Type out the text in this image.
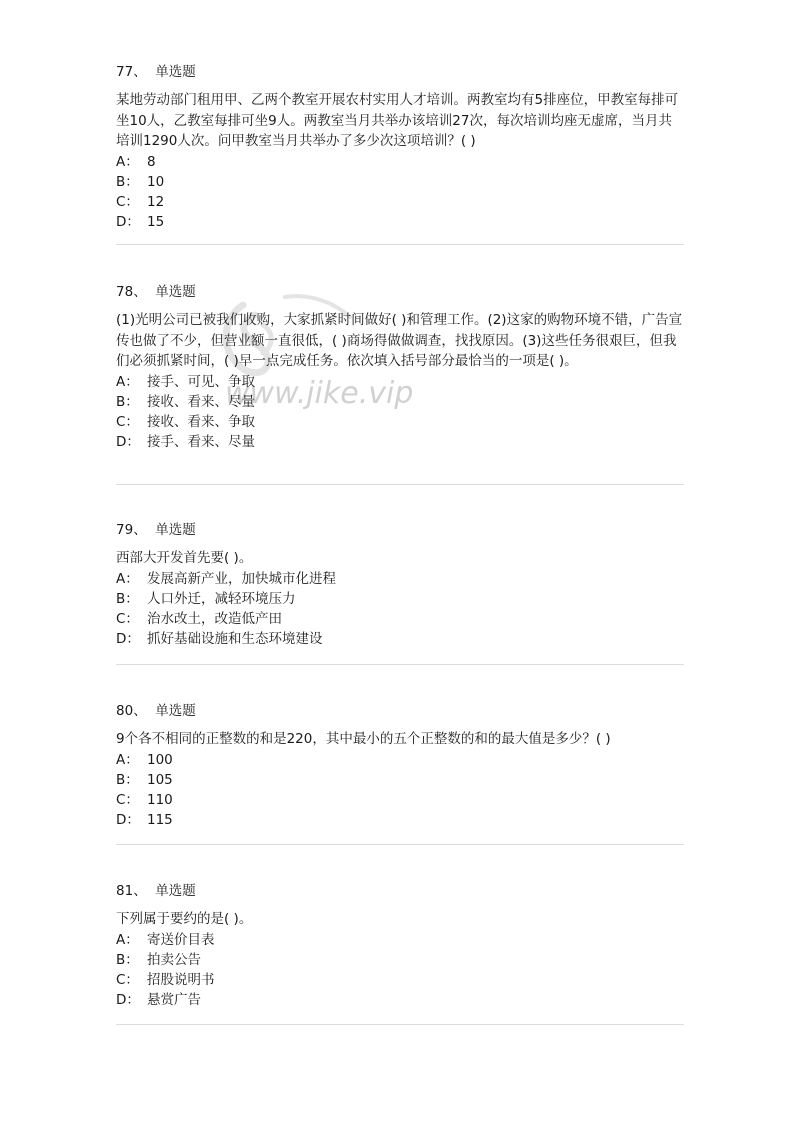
www.jike.vip
77、  单选题
某地劳动部门租用甲、乙两个教室开展农村实用人才培训。两教室均有5排座位，甲教室每排可坐10人，乙教室每排可坐9人。两教室当月共举办该培训27次，每次培训均座无虚席，当月共培训1290人次。问甲教室当月共举办了多少次这项培训？( )
A： 8
B： 10
C： 12
D： 15
78、  单选题
(1)光明公司已被我们收购，大家抓紧时间做好( )和管理工作。(2)这家的购物环境不错，广告宣传也做了不少，但营业额一直很低，( )商场得做做调查，找找原因。(3)这些任务很艰巨，但我们必须抓紧时间，( )早一点完成任务。依次填入括号部分最恰当的一项是( )。
A： 接手、可见、争取
B： 接收、看来、尽量
C： 接收、看来、争取
D： 接手、看来、尽量
79、  单选题
西部大开发首先要( )。
A： 发展高新产业，加快城市化进程
B： 人口外迁，减轻环境压力
C： 治水改土，改造低产田
D： 抓好基础设施和生态环境建设
80、  单选题
9个各不相同的正整数的和是220，其中最小的五个正整数的和的最大值是多少？( )
A： 100
B： 105
C： 110
D： 115
81、  单选题
下列属于要约的是( )。
A： 寄送价目表
B： 拍卖公告
C： 招股说明书
D： 悬赏广告
